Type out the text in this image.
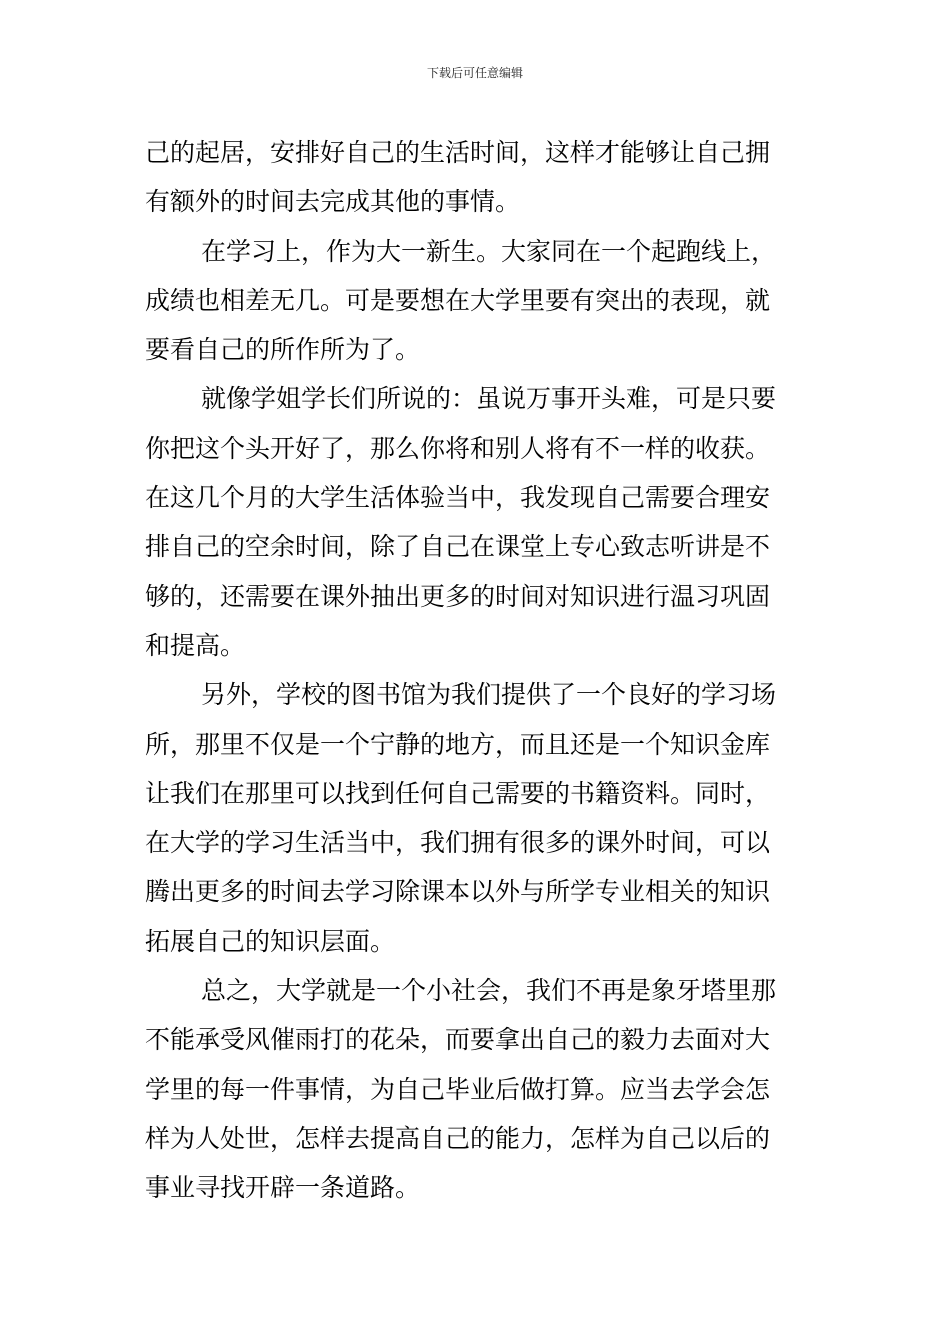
下载后可任意编辑
己的起居，安排好自己的生活时间，这样才能够让自己拥
有额外的时间去完成其他的事情。
在学习上，作为大一新生。大家同在一个起跑线上，
成绩也相差无几。可是要想在大学里要有突出的表现，就
要看自己的所作所为了。
就像学姐学长们所说的：虽说万事开头难，可是只要
你把这个头开好了，那么你将和别人将有不一样的收获。
在这几个月的大学生活体验当中，我发现自己需要合理安
排自己的空余时间，除了自己在课堂上专心致志听讲是不
够的，还需要在课外抽出更多的时间对知识进行温习巩固
和提高。
另外，学校的图书馆为我们提供了一个良好的学习场
所，那里不仅是一个宁静的地方，而且还是一个知识金库
让我们在那里可以找到任何自己需要的书籍资料。同时，
在大学的学习生活当中，我们拥有很多的课外时间，可以
腾出更多的时间去学习除课本以外与所学专业相关的知识
拓展自己的知识层面。
总之，大学就是一个小社会，我们不再是象牙塔里那
不能承受风催雨打的花朵，而要拿出自己的毅力去面对大
学里的每一件事情，为自己毕业后做打算。应当去学会怎
样为人处世，怎样去提高自己的能力，怎样为自己以后的
事业寻找开辟一条道路。
